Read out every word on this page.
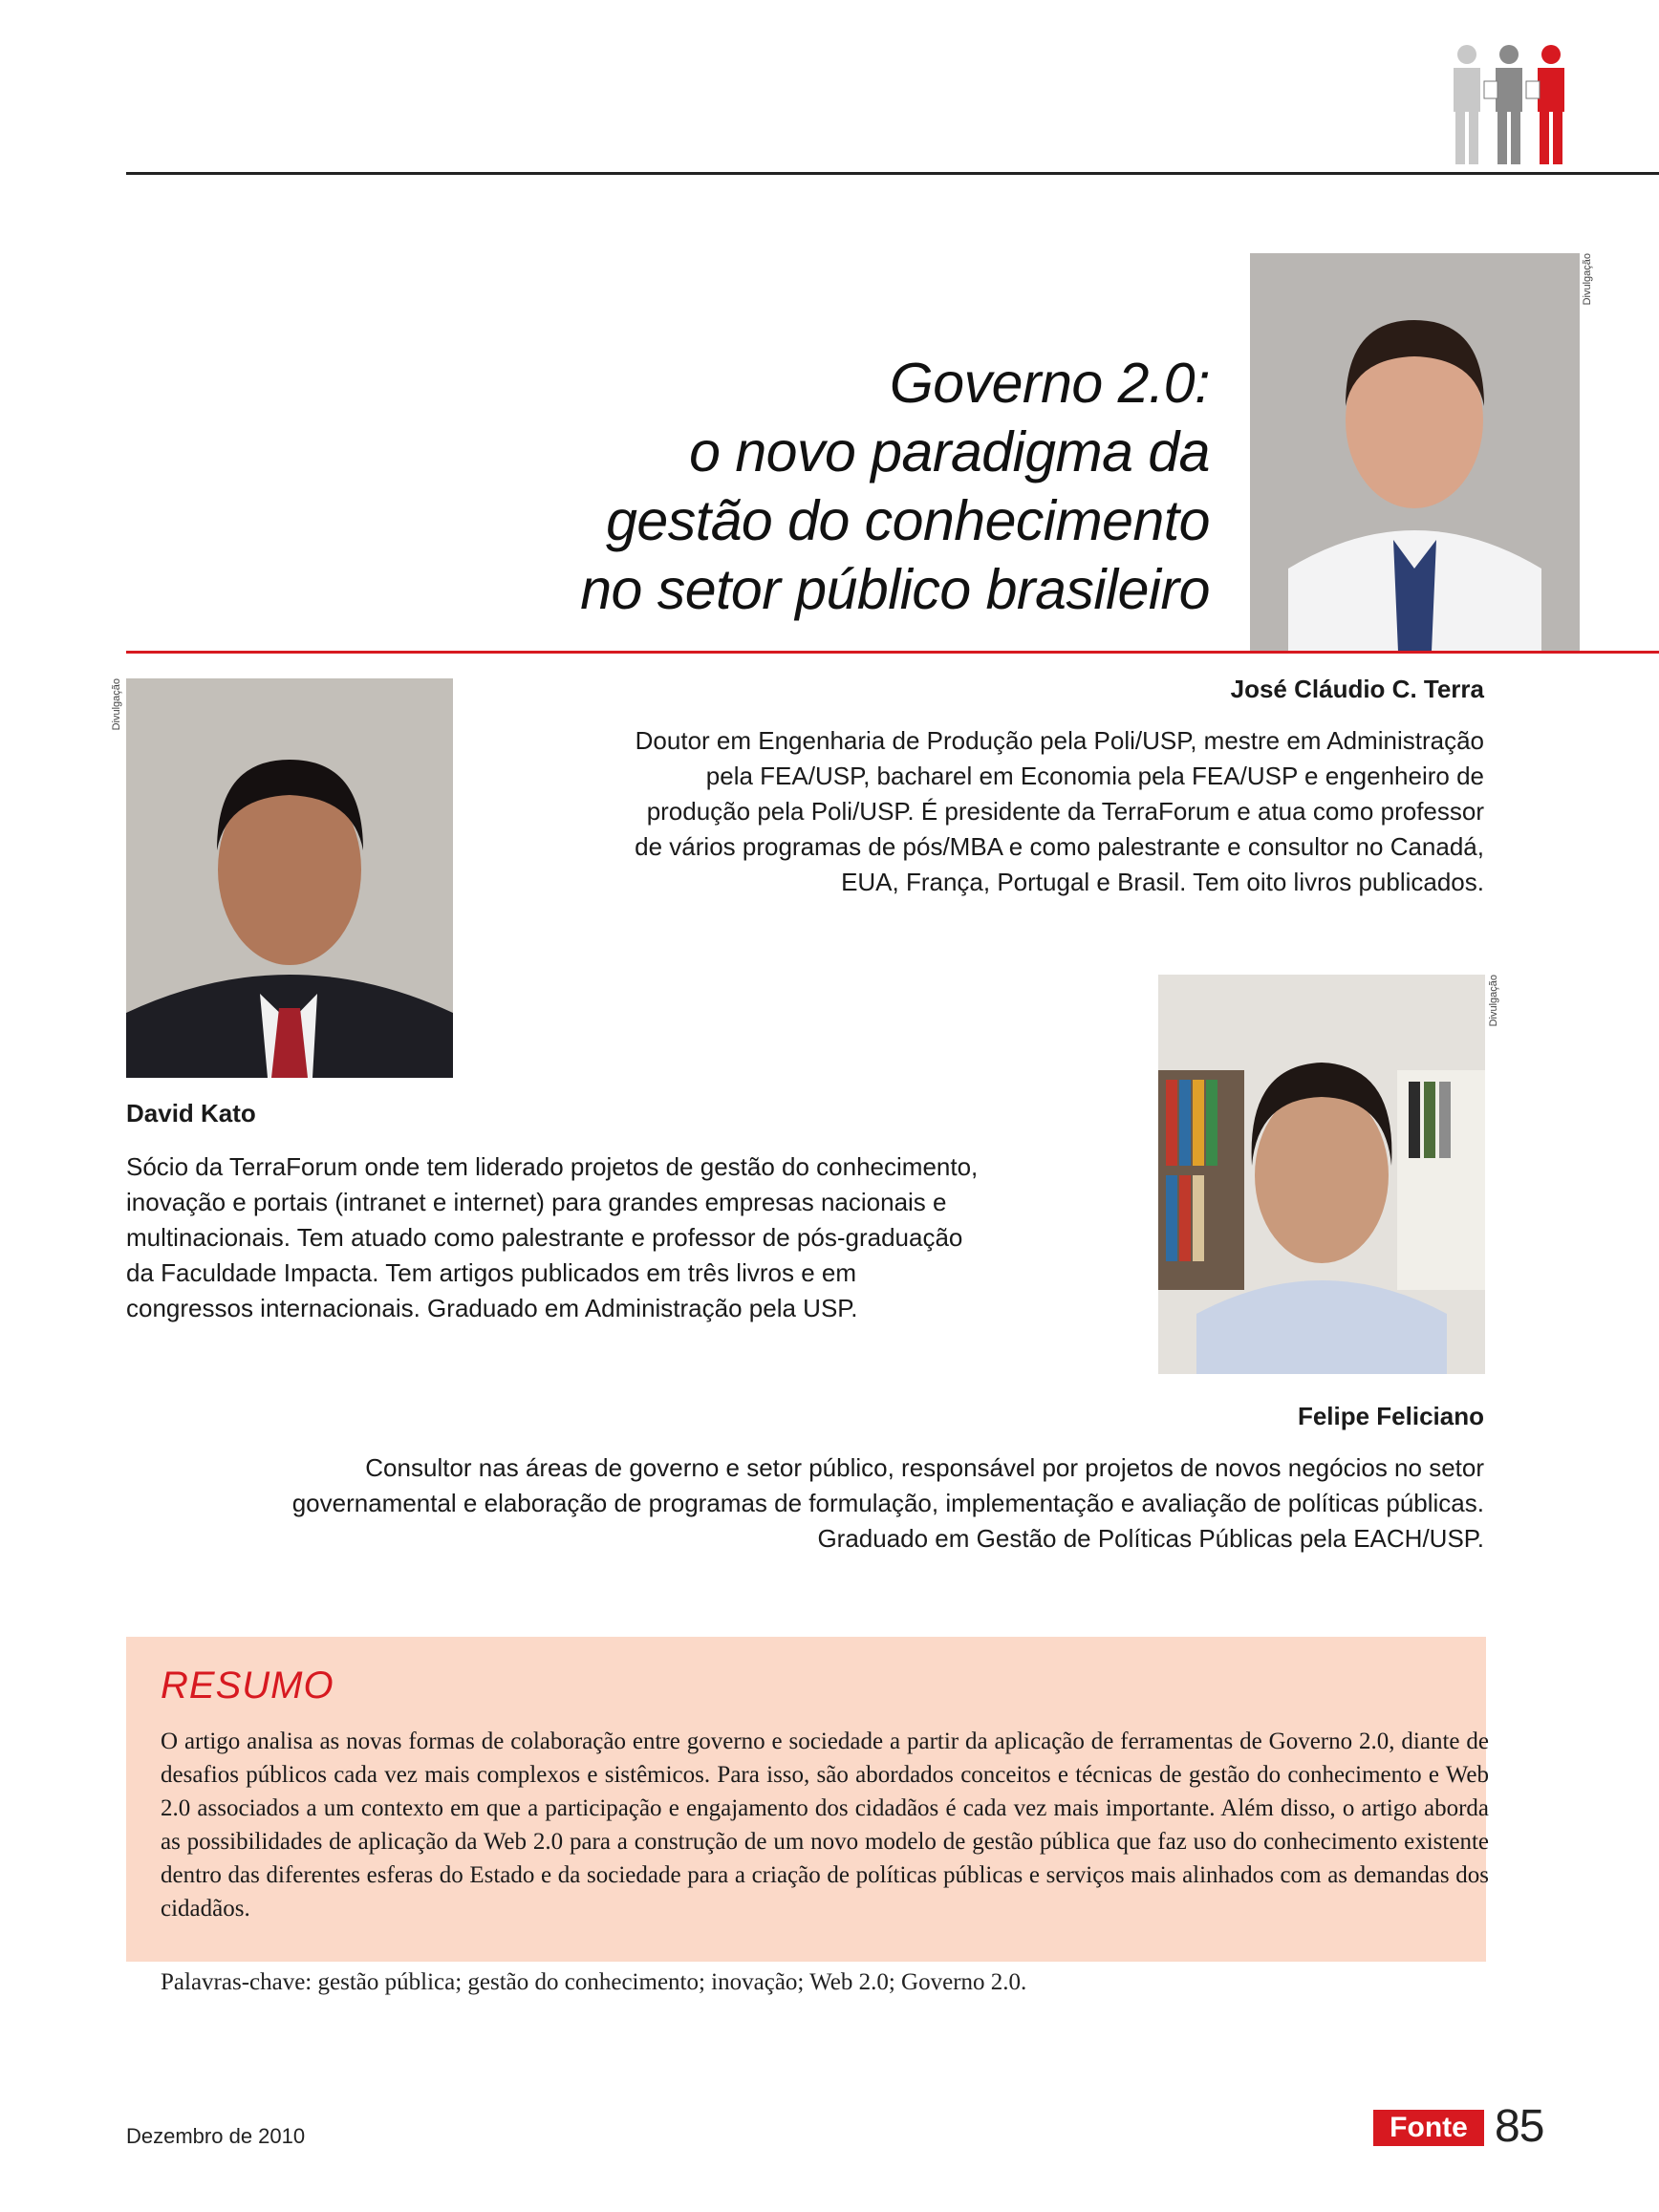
Governo 2.0:
o novo paradigma da
gestão do conhecimento
no setor público brasileiro
Divulgação
José Cláudio C. Terra
Doutor em Engenharia de Produção pela Poli/USP, mestre em Administração
pela FEA/USP, bacharel em Economia pela FEA/USP e engenheiro de
produção pela Poli/USP. É presidente da TerraForum e atua como professor
de vários programas de pós/MBA e como palestrante e consultor no Canadá,
EUA, França, Portugal e Brasil. Tem oito livros publicados.
Divulgação
David Kato
Sócio da TerraForum onde tem liderado projetos de gestão do conhecimento,
inovação e portais (intranet e internet) para grandes empresas nacionais e
multinacionais. Tem atuado como palestrante e professor de pós-graduação
da Faculdade Impacta. Tem artigos publicados em três livros e em
congressos internacionais. Graduado em Administração pela USP.
Divulgação
Felipe Feliciano
Consultor nas áreas de governo e setor público, responsável por projetos de novos negócios no setor
governamental e elaboração de programas de formulação, implementação e avaliação de políticas públicas.
Graduado em Gestão de Políticas Públicas pela EACH/USP.
RESUMO
O artigo analisa as novas formas de colaboração entre governo e sociedade a partir da aplicação de ferramentas de Governo 2.0, diante de desafios públicos cada vez mais complexos e sistêmicos. Para isso, são abordados conceitos e técnicas de gestão do conhecimento e Web 2.0 associados a um contexto em que a participação e engajamento dos cidadãos é cada vez mais importante. Além disso, o artigo aborda as possibilidades de aplicação da Web 2.0 para a construção de um novo modelo de gestão pública que faz uso do conhecimento existente dentro das diferentes esferas do Estado e da sociedade para a criação de políticas públicas e serviços mais alinhados com as demandas dos cidadãos.
Palavras-chave: gestão pública; gestão do conhecimento; inovação; Web 2.0; Governo 2.0.
Dezembro de 2010	Fonte 85
